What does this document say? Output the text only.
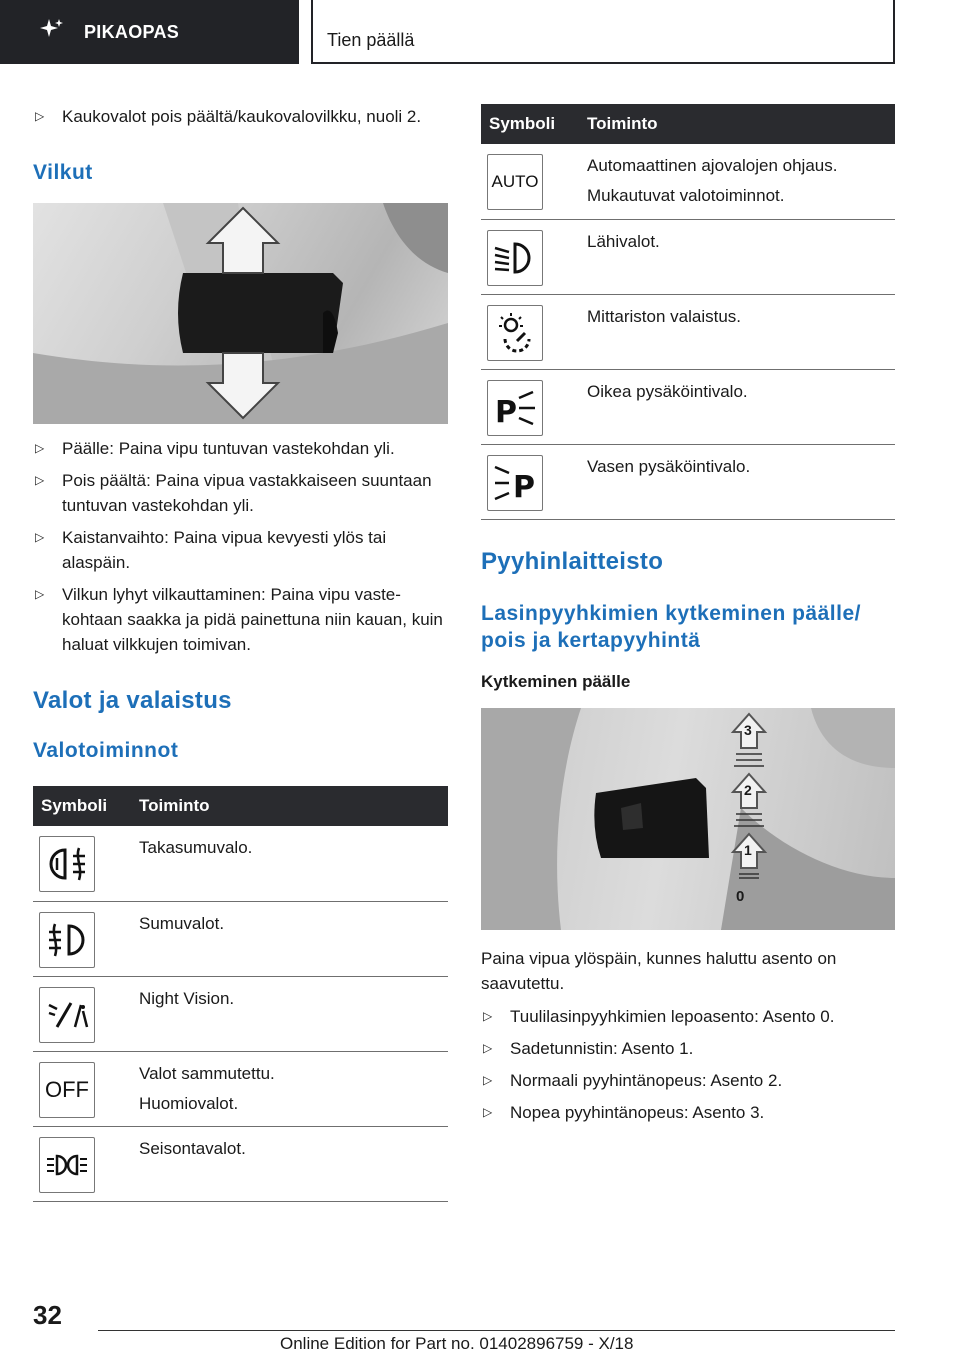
PIKAOPAS	Tien päällä
▷ Kaukovalot pois päältä/kaukovalovilkku, nuoli 2.
Vilkut
▷ Päälle: Paina vipu tuntuvan vastekohdan yli.
▷ Pois päältä: Paina vipua vastakkaiseen suuntaan tuntuvan vastekohdan yli.
▷ Kaistanvaihto: Paina vipua kevyesti ylös tai alaspäin.
▷ Vilkun lyhyt vilkauttaminen: Paina vipu vastekohtaan saakka ja pidä painettuna niin kauan, kuin haluat vilkkujen toimivan.
Valot ja valaistus
Valotoiminnot
Symboli	Toiminto

Takasumuvalo.

Sumuvalot.

Night Vision.

OFF	Valot sammutettu.
Huomiovalot.

Seisontavalot.
Symboli	Toiminto

AUTO	Automaattinen ajovalojen ohjaus.
Mukautuvat valotoiminnot.

Lähivalot.

Mittariston valaistus.

P	Oikea pysäköintivalo.

P	Vasen pysäköintivalo.
Pyyhinlaitteisto
Lasinpyyhkimien kytkeminen päälle/ pois ja kertapyyhintä
Kytkeminen päälle
3
2
1
0
Paina vipua ylöspäin, kunnes haluttu asento on saavutettu.
▷ Tuulilasinpyyhkimien lepoasento: Asento 0.
▷ Sadetunnistin: Asento 1.
▷ Normaali pyyhintänopeus: Asento 2.
▷ Nopea pyyhintänopeus: Asento 3.
32
Online Edition for Part no. 01402896759 - X/18
